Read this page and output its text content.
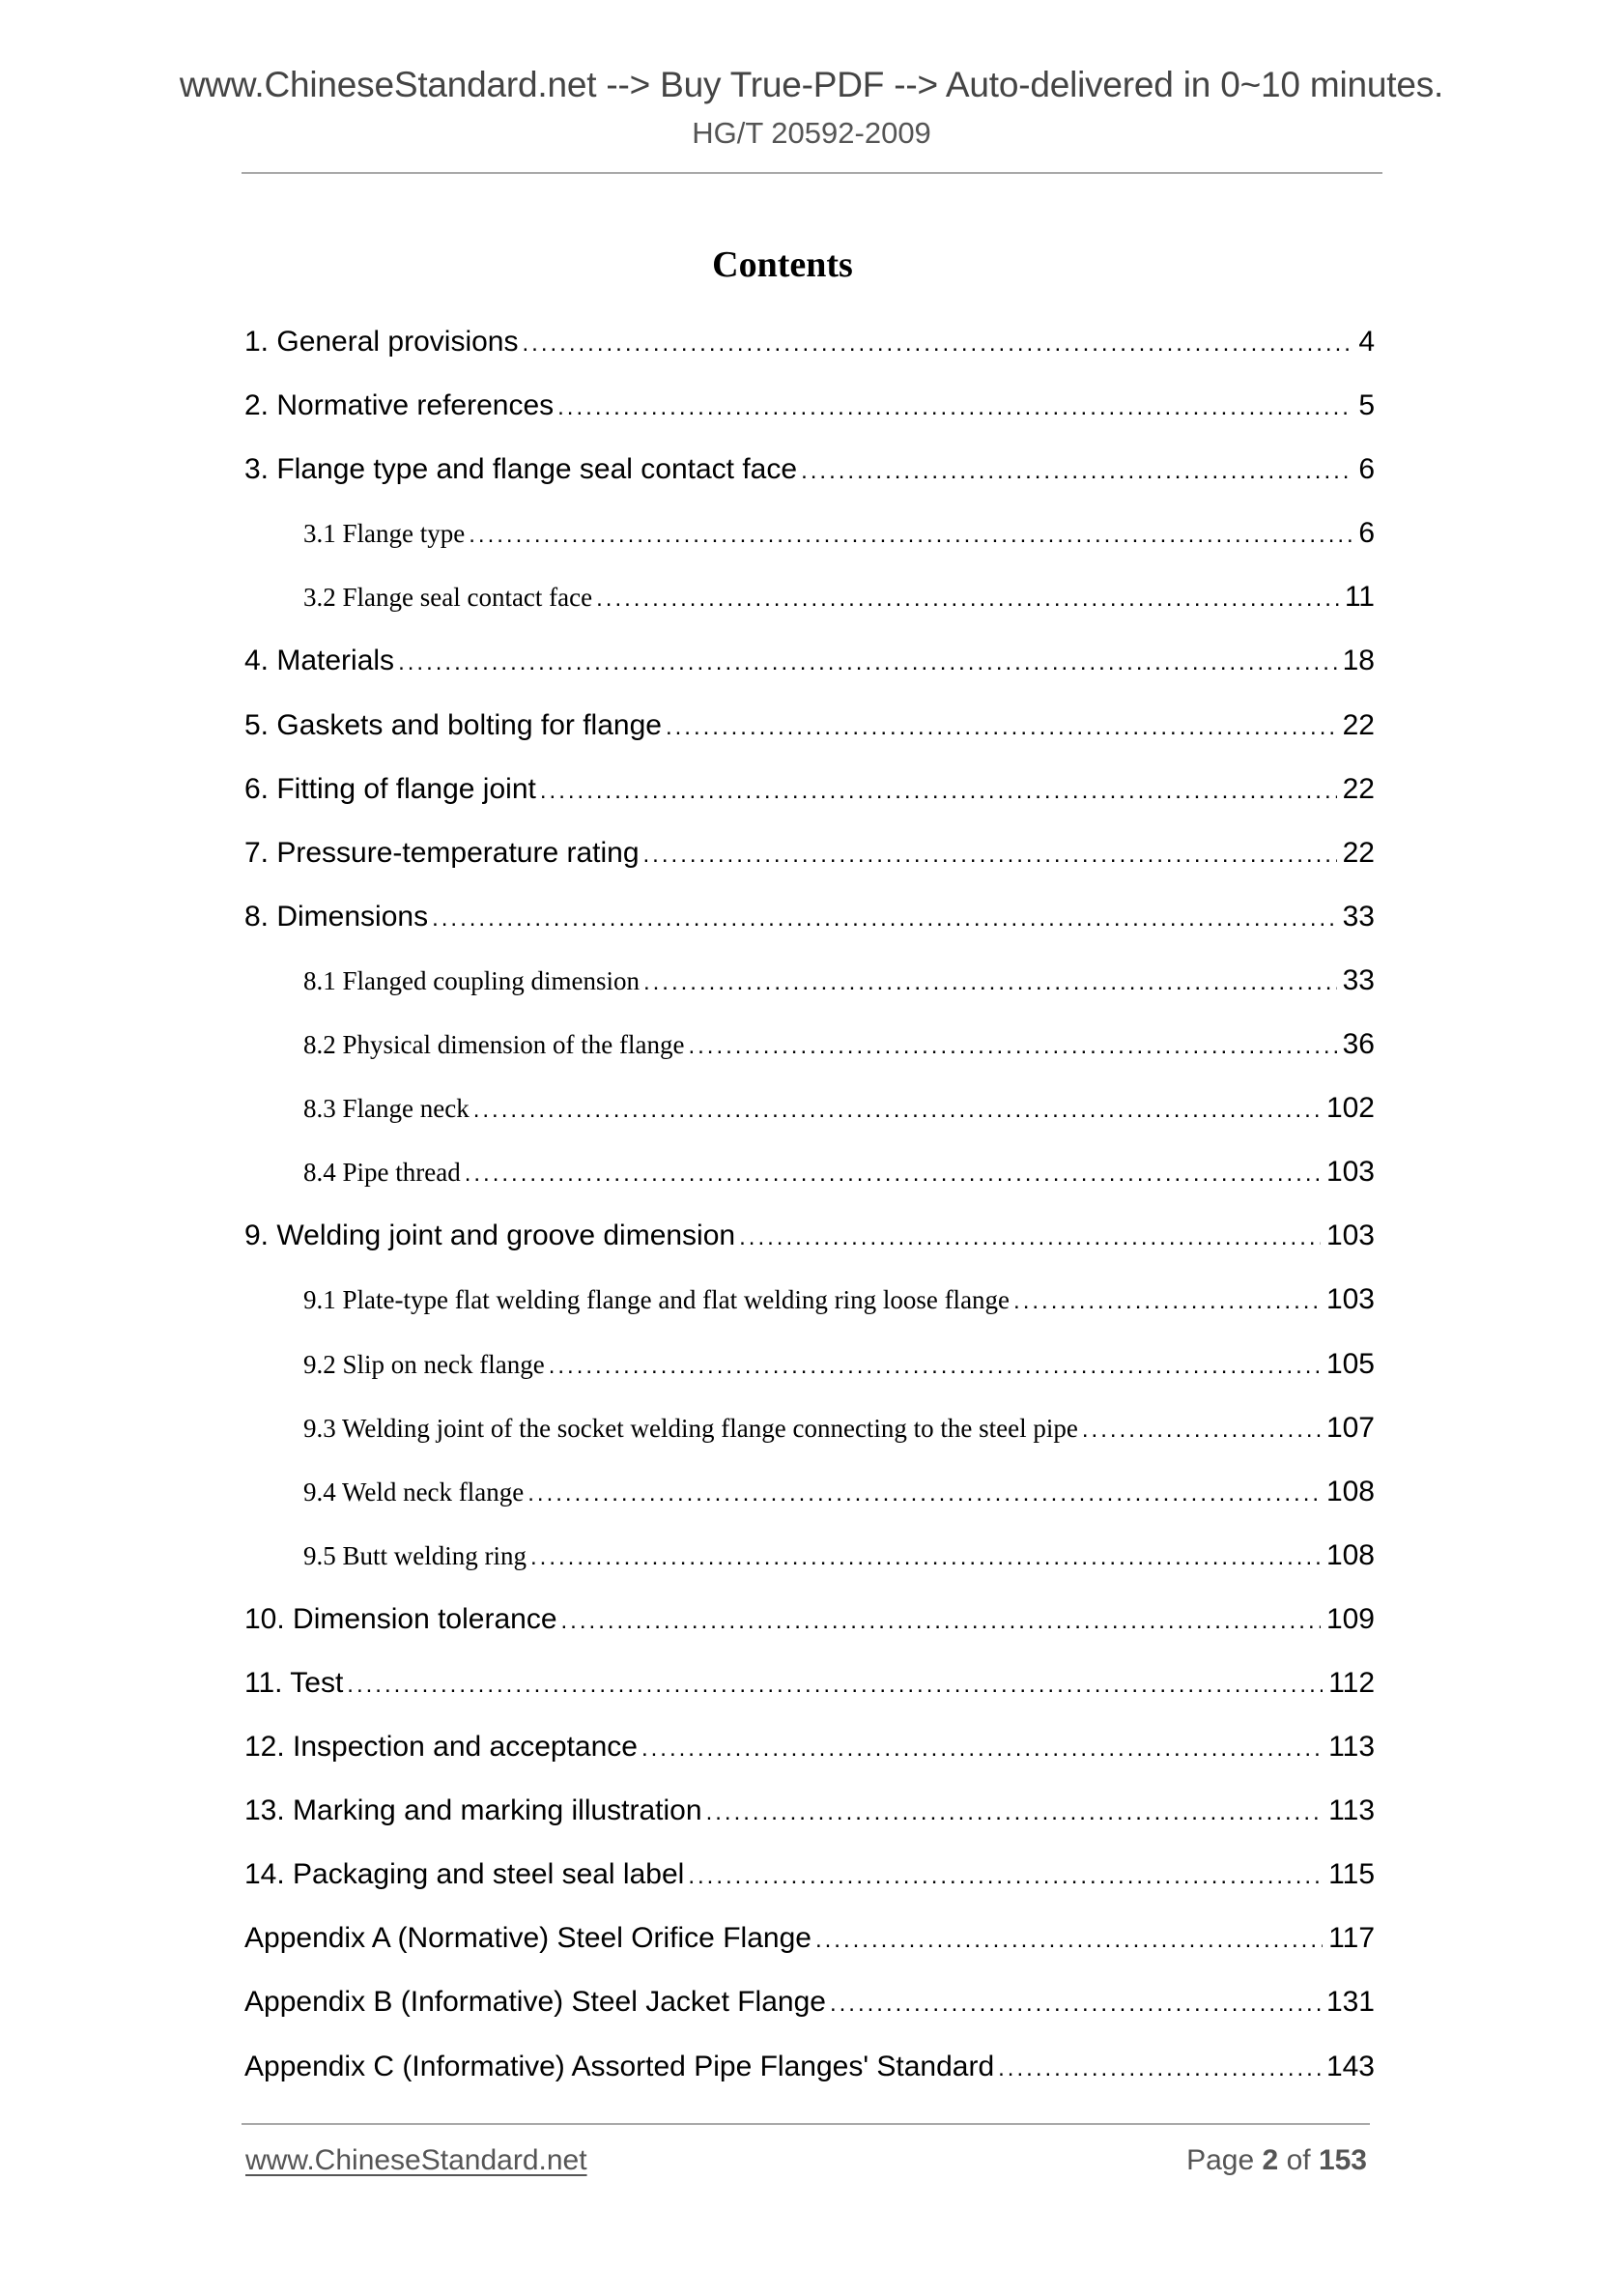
www.ChineseStandard.net --> Buy True-PDF --> Auto-delivered in 0~10 minutes.
HG/T 20592-2009
Contents
1. General provisions .....	4
2. Normative references .....	5
3. Flange type and flange seal contact face .....	6
3.1 Flange type .....	6
3.2 Flange seal contact face .....	11
4. Materials .....	18
5. Gaskets and bolting for flange .....	22
6. Fitting of flange joint .....	22
7. Pressure-temperature rating .....	22
8. Dimensions .....	33
8.1 Flanged coupling dimension .....	33
8.2 Physical dimension of the flange .....	36
8.3 Flange neck .....	102
8.4 Pipe thread .....	103
9. Welding joint and groove dimension .....	103
9.1 Plate-type flat welding flange and flat welding ring loose flange .....	103
9.2 Slip on neck flange .....	105
9.3 Welding joint of the socket welding flange connecting to the steel pipe .....	107
9.4 Weld neck flange .....	108
9.5 Butt welding ring .....	108
10. Dimension tolerance .....	109
11. Test .....	112
12. Inspection and acceptance .....	113
13. Marking and marking illustration .....	113
14. Packaging and steel seal label .....	115
Appendix A (Normative) Steel Orifice Flange .....	117
Appendix B (Informative) Steel Jacket Flange .....	131
Appendix C (Informative) Assorted Pipe Flanges' Standard .....	143
www.ChineseStandard.net	Page 2 of 153
